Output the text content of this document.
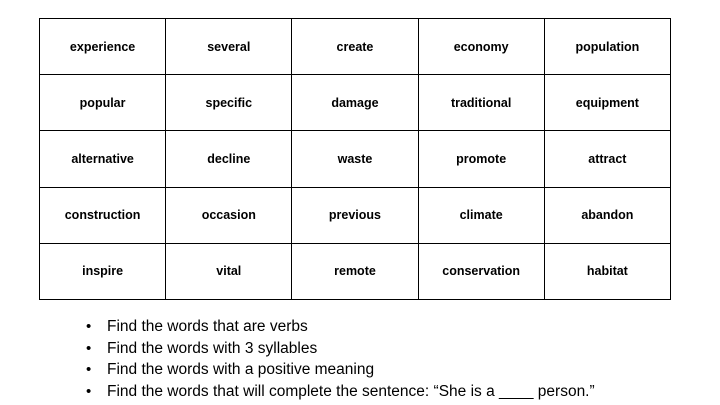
experience	several	create	economy	population
popular	specific	damage	traditional	equipment
alternative	decline	waste	promote	attract
construction	occasion	previous	climate	abandon
inspire	vital	remote	conservation	habitat
• Find the words that are verbs
• Find the words with 3 syllables
• Find the words with a positive meaning
• Find the words that will complete the sentence: “She is a ____ person.”
